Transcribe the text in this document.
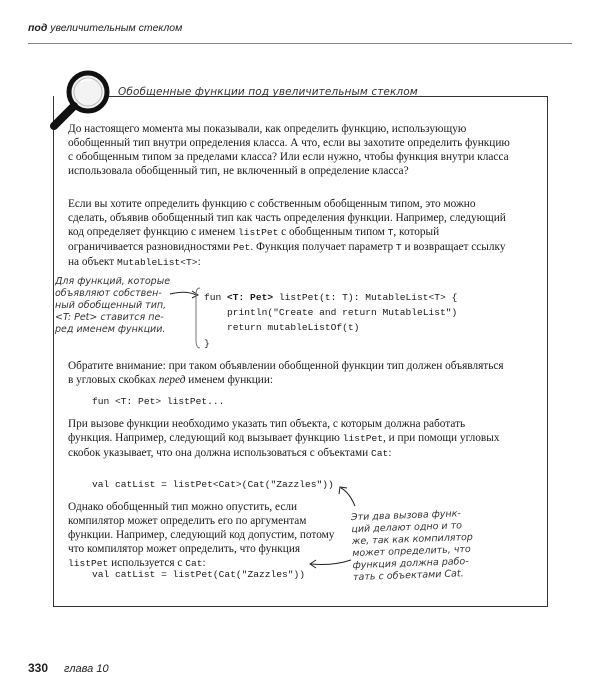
под увеличительным стеклом
Обобщенные функции под увеличительным стеклом

До настоящего момента мы показывали, как определить функцию, использующую обобщенный тип внутри определения класса. А что, если вы захотите определить функцию с обобщенным типом за пределами класса? Или если нужно, чтобы функция внутри класса использовала обобщенный тип, не включенный в определение класса?

Если вы хотите определить функцию с собственным обобщенным типом, это можно сделать, объявив обобщенный тип как часть определения функции. Например, следующий код определяет функцию с именем listPet с обобщенным типом T, который ограничивается разновидностями Pet. Функция получает параметр T и возвращает ссылку на объект MutableList<T>:

Для функций, которые
объявляют собствен-
ный обобщенный тип,
<T: Pet> ставится пе-
ред именем функции.
fun <T: Pet> listPet(t: T): MutableList<T> {
println("Create and return MutableList")
return mutableListOf(t)
}

Обратите внимание: при таком объявлении обобщенной функции тип должен объявляться в угловых скобках перед именем функции:

fun <T: Pet> listPet...

При вызове функции необходимо указать тип объекта, с которым должна работать функция. Например, следующий код вызывает функцию listPet, и при помощи угловых скобок указывает, что она должна использоваться с объектами Cat:

val catList = listPet<Cat>(Cat("Zazzles"))

Однако обобщенный тип можно опустить, если компилятор может определить его по аргументам функции. Например, следующий код допустим, потому что компилятор может определить, что функция listPet используется с Cat:

val catList = listPet(Cat("Zazzles"))
Эти два вызова функ-
ций делают одно и то
же, так как компилятор
может определить, что
функция должна рабо-
тать с объектами Cat.
330 глава 10
